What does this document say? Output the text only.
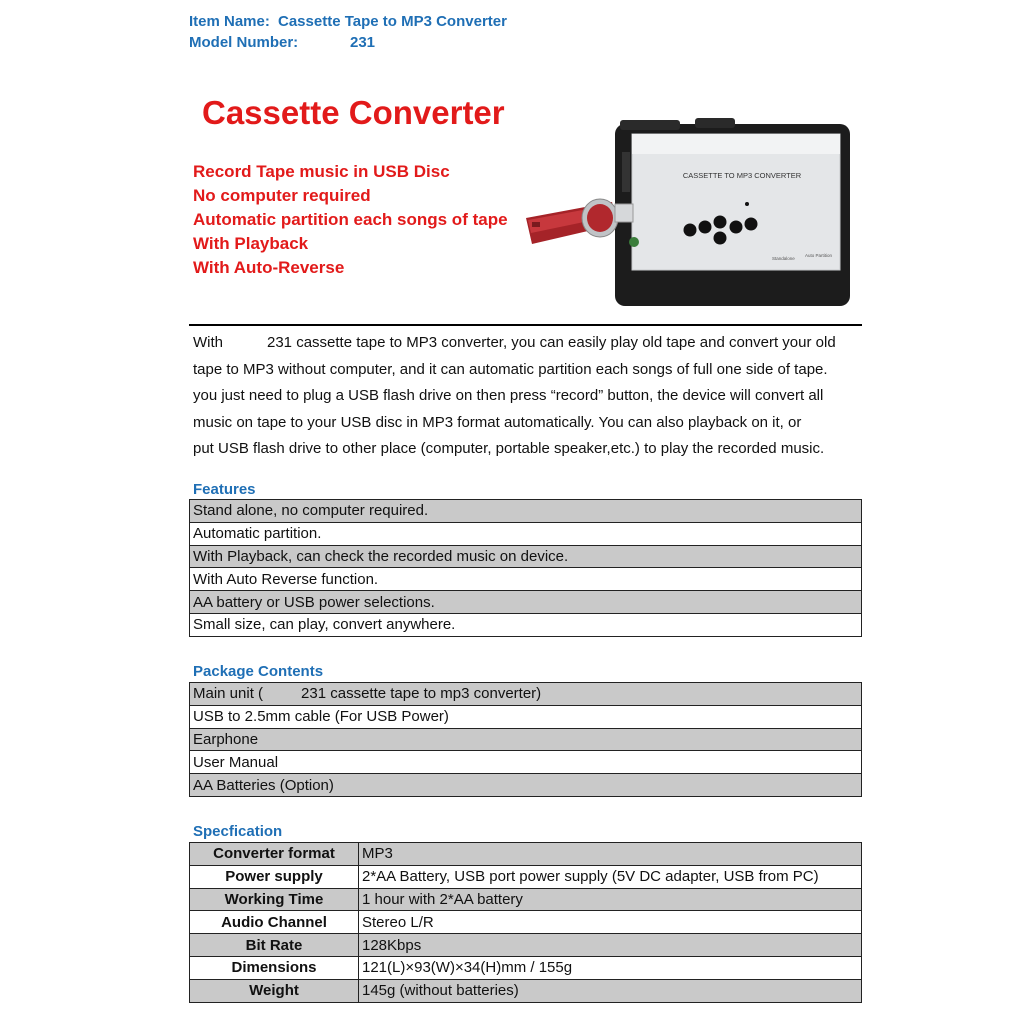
Item Name: Cassette Tape to MP3 Converter
Model Number:	231
Cassette Converter
Record Tape music in USB Disc
No computer required
Automatic partition each songs of tape
With Playback
With Auto-Reverse
CASSETTE TO MP3 CONVERTER
Standalone
Auto Partition

With	231 cassette tape to MP3 converter, you can easily play old tape and convert your old

tape to MP3 without computer, and it can automatic partition each songs of full one side of tape.

you just need to plug a USB flash drive on then press “record” button, the device will convert all

music on tape to your USB disc in MP3 format automatically. You can also playback on it, or

put USB flash drive to other place (computer, portable speaker,etc.) to play the recorded music.

Features
Stand alone, no computer required.
Automatic partition.
With Playback, can check the recorded music on device.
With Auto Reverse function.
AA battery or USB power selections.
Small size, can play, convert anywhere.
Package Contents
Main unit (	231 cassette tape to mp3 converter)
USB to 2.5mm cable (For USB Power)
Earphone
User Manual
AA Batteries (Option)
Specfication
Converter format	MP3
Power supply	2*AA Battery, USB port power supply (5V DC adapter, USB from PC)
Working Time	1 hour with 2*AA battery
Audio Channel	Stereo L/R
Bit Rate	128Kbps
Dimensions	121(L)×93(W)×34(H)mm / 155g
Weight	145g (without batteries)
